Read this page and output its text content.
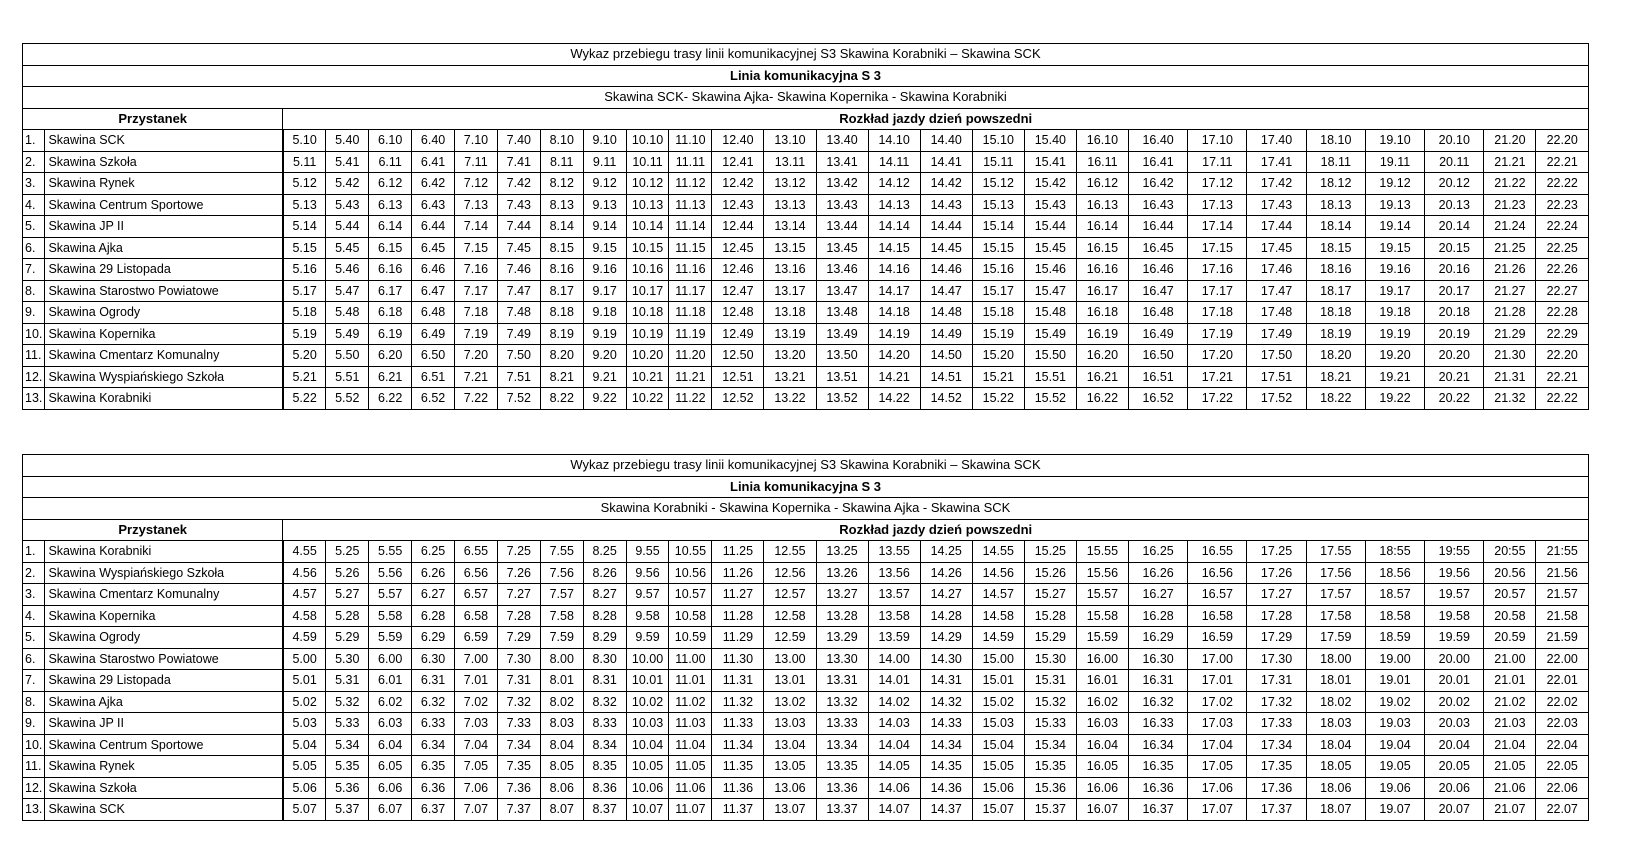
Wykaz przebiegu trasy linii komunikacyjnej S3 Skawina Korabniki – Skawina SCK																											
Linia komunikacyjna S 3																											
Skawina SCK- Skawina Ajka- Skawina Kopernika - Skawina Korabniki																											
Przystanek		Rozkład jazdy dzień powszedni																									
1.	Skawina SCK	5.10	5.40	6.10	6.40	7.10	7.40	8.10	9.10	10.10	11.10	12.40	13.10	13.40	14.10	14.40	15.10	15.40	16.10	16.40	17.10	17.40	18.10	19.10	20.10	21.20	22.20
2.	Skawina Szkoła	5.11	5.41	6.11	6.41	7.11	7.41	8.11	9.11	10.11	11.11	12.41	13.11	13.41	14.11	14.41	15.11	15.41	16.11	16.41	17.11	17.41	18.11	19.11	20.11	21.21	22.21
3.	Skawina Rynek	5.12	5.42	6.12	6.42	7.12	7.42	8.12	9.12	10.12	11.12	12.42	13.12	13.42	14.12	14.42	15.12	15.42	16.12	16.42	17.12	17.42	18.12	19.12	20.12	21.22	22.22
4.	Skawina Centrum Sportowe	5.13	5.43	6.13	6.43	7.13	7.43	8.13	9.13	10.13	11.13	12.43	13.13	13.43	14.13	14.43	15.13	15.43	16.13	16.43	17.13	17.43	18.13	19.13	20.13	21.23	22.23
5.	Skawina JP II	5.14	5.44	6.14	6.44	7.14	7.44	8.14	9.14	10.14	11.14	12.44	13.14	13.44	14.14	14.44	15.14	15.44	16.14	16.44	17.14	17.44	18.14	19.14	20.14	21.24	22.24
6.	Skawina Ajka	5.15	5.45	6.15	6.45	7.15	7.45	8.15	9.15	10.15	11.15	12.45	13.15	13.45	14.15	14.45	15.15	15.45	16.15	16.45	17.15	17.45	18.15	19.15	20.15	21.25	22.25
7.	Skawina 29 Listopada	5.16	5.46	6.16	6.46	7.16	7.46	8.16	9.16	10.16	11.16	12.46	13.16	13.46	14.16	14.46	15.16	15.46	16.16	16.46	17.16	17.46	18.16	19.16	20.16	21.26	22.26
8.	Skawina Starostwo Powiatowe	5.17	5.47	6.17	6.47	7.17	7.47	8.17	9.17	10.17	11.17	12.47	13.17	13.47	14.17	14.47	15.17	15.47	16.17	16.47	17.17	17.47	18.17	19.17	20.17	21.27	22.27
9.	Skawina Ogrody	5.18	5.48	6.18	6.48	7.18	7.48	8.18	9.18	10.18	11.18	12.48	13.18	13.48	14.18	14.48	15.18	15.48	16.18	16.48	17.18	17.48	18.18	19.18	20.18	21.28	22.28
10.	Skawina Kopernika	5.19	5.49	6.19	6.49	7.19	7.49	8.19	9.19	10.19	11.19	12.49	13.19	13.49	14.19	14.49	15.19	15.49	16.19	16.49	17.19	17.49	18.19	19.19	20.19	21.29	22.29
11.	Skawina Cmentarz Komunalny	5.20	5.50	6.20	6.50	7.20	7.50	8.20	9.20	10.20	11.20	12.50	13.20	13.50	14.20	14.50	15.20	15.50	16.20	16.50	17.20	17.50	18.20	19.20	20.20	21.30	22.20
12.	Skawina Wyspiańskiego Szkoła	5.21	5.51	6.21	6.51	7.21	7.51	8.21	9.21	10.21	11.21	12.51	13.21	13.51	14.21	14.51	15.21	15.51	16.21	16.51	17.21	17.51	18.21	19.21	20.21	21.31	22.21
13.	Skawina Korabniki	5.22	5.52	6.22	6.52	7.22	7.52	8.22	9.22	10.22	11.22	12.52	13.22	13.52	14.22	14.52	15.22	15.52	16.22	16.52	17.22	17.52	18.22	19.22	20.22	21.32	22.22
Wykaz przebiegu trasy linii komunikacyjnej S3 Skawina Korabniki – Skawina SCK																											
Linia komunikacyjna S 3																											
Skawina Korabniki - Skawina Kopernika - Skawina Ajka - Skawina SCK																											
Przystanek		Rozkład jazdy dzień powszedni																									
1.	Skawina Korabniki	4.55	5.25	5.55	6.25	6.55	7.25	7.55	8.25	9.55	10.55	11.25	12.55	13.25	13.55	14.25	14.55	15.25	15.55	16.25	16.55	17.25	17.55	18:55	19:55	20:55	21:55
2.	Skawina Wyspiańskiego Szkoła	4.56	5.26	5.56	6.26	6.56	7.26	7.56	8.26	9.56	10.56	11.26	12.56	13.26	13.56	14.26	14.56	15.26	15.56	16.26	16.56	17.26	17.56	18.56	19.56	20.56	21.56
3.	Skawina Cmentarz Komunalny	4.57	5.27	5.57	6.27	6.57	7.27	7.57	8.27	9.57	10.57	11.27	12.57	13.27	13.57	14.27	14.57	15.27	15.57	16.27	16.57	17.27	17.57	18.57	19.57	20.57	21.57
4.	Skawina Kopernika	4.58	5.28	5.58	6.28	6.58	7.28	7.58	8.28	9.58	10.58	11.28	12.58	13.28	13.58	14.28	14.58	15.28	15.58	16.28	16.58	17.28	17.58	18.58	19.58	20.58	21.58
5.	Skawina Ogrody	4.59	5.29	5.59	6.29	6.59	7.29	7.59	8.29	9.59	10.59	11.29	12.59	13.29	13.59	14.29	14.59	15.29	15.59	16.29	16.59	17.29	17.59	18.59	19.59	20.59	21.59
6.	Skawina Starostwo Powiatowe	5.00	5.30	6.00	6.30	7.00	7.30	8.00	8.30	10.00	11.00	11.30	13.00	13.30	14.00	14.30	15.00	15.30	16.00	16.30	17.00	17.30	18.00	19.00	20.00	21.00	22.00
7.	Skawina 29 Listopada	5.01	5.31	6.01	6.31	7.01	7.31	8.01	8.31	10.01	11.01	11.31	13.01	13.31	14.01	14.31	15.01	15.31	16.01	16.31	17.01	17.31	18.01	19.01	20.01	21.01	22.01
8.	Skawina Ajka	5.02	5.32	6.02	6.32	7.02	7.32	8.02	8.32	10.02	11.02	11.32	13.02	13.32	14.02	14.32	15.02	15.32	16.02	16.32	17.02	17.32	18.02	19.02	20.02	21.02	22.02
9.	Skawina JP II	5.03	5.33	6.03	6.33	7.03	7.33	8.03	8.33	10.03	11.03	11.33	13.03	13.33	14.03	14.33	15.03	15.33	16.03	16.33	17.03	17.33	18.03	19.03	20.03	21.03	22.03
10.	Skawina Centrum Sportowe	5.04	5.34	6.04	6.34	7.04	7.34	8.04	8.34	10.04	11.04	11.34	13.04	13.34	14.04	14.34	15.04	15.34	16.04	16.34	17.04	17.34	18.04	19.04	20.04	21.04	22.04
11.	Skawina Rynek	5.05	5.35	6.05	6.35	7.05	7.35	8.05	8.35	10.05	11.05	11.35	13.05	13.35	14.05	14.35	15.05	15.35	16.05	16.35	17.05	17.35	18.05	19.05	20.05	21.05	22.05
12.	Skawina Szkoła	5.06	5.36	6.06	6.36	7.06	7.36	8.06	8.36	10.06	11.06	11.36	13.06	13.36	14.06	14.36	15.06	15.36	16.06	16.36	17.06	17.36	18.06	19.06	20.06	21.06	22.06
13.	Skawina SCK	5.07	5.37	6.07	6.37	7.07	7.37	8.07	8.37	10.07	11.07	11.37	13.07	13.37	14.07	14.37	15.07	15.37	16.07	16.37	17.07	17.37	18.07	19.07	20.07	21.07	22.07
